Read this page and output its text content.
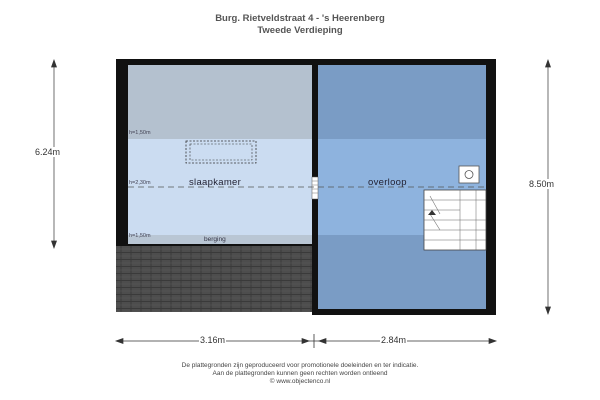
Burg. Rietveldstraat 4 - 's Heerenberg
Tweede Verdieping
h=1,50m
h=2,30m
h=1,50m
slaapkamer	overloop
berging
6.24m
8.50m
3.16m	2.84m
De plattegronden zijn geproduceerd voor promotionele doeleinden en ter indicatie.
Aan de plattegronden kunnen geen rechten worden ontleend
© www.objectenco.nl
